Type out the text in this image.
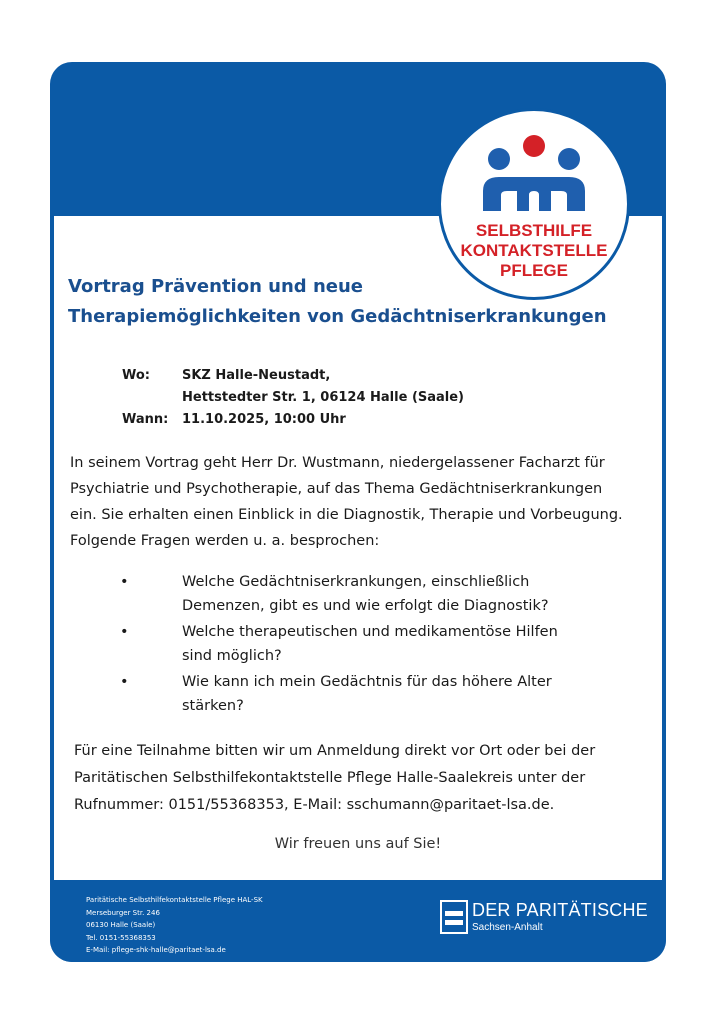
Paritätische Selbsthilfekontaktstelle Pflege HAL-SK
Merseburger Str. 246
06130 Halle (Saale)
Tel. 0151-55368353
E-Mail: pflege-shk-halle@paritaet-lsa.de
DER PARITÄTISCHE
Sachsen-Anhalt
SELBSTHILFE
KONTAKTSTELLE
PFLEGE
Vortrag Prävention und neue
Therapiemöglichkeiten von Gedächtniserkrankungen
Wo:	SKZ Halle-Neustadt,
Hettstedter Str. 1, 06124 Halle (Saale)
Wann:	11.10.2025, 10:00 Uhr
In seinem Vortrag geht Herr Dr. Wustmann, niedergelassener Facharzt für
Psychiatrie und Psychotherapie, auf das Thema Gedächtniserkrankungen
ein. Sie erhalten einen Einblick in die Diagnostik, Therapie und Vorbeugung.
Folgende Fragen werden u. a. besprochen:
•	Welche Gedächtniserkrankungen, einschließlich
Demenzen, gibt es und wie erfolgt die Diagnostik?
•	Welche therapeutischen und medikamentöse Hilfen
sind möglich?
•	Wie kann ich mein Gedächtnis für das höhere Alter
stärken?
Für eine Teilnahme bitten wir um Anmeldung direkt vor Ort oder bei der
Paritätischen Selbsthilfekontaktstelle Pflege Halle-Saalekreis unter der
Rufnummer: 0151/55368353, E-Mail: sschumann@paritaet-lsa.de.
Wir freuen uns auf Sie!
